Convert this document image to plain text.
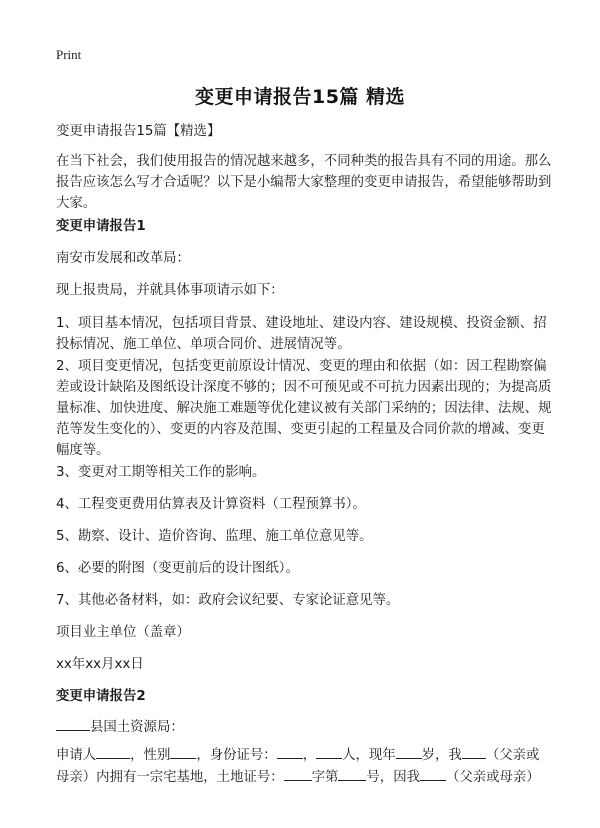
Print
变更申请报告15篇 精选
变更申请报告15篇【精选】
在当下社会，我们使用报告的情况越来越多，不同种类的报告具有不同的用途。那么报告应该怎么写才合适呢？以下是小编帮大家整理的变更申请报告，希望能够帮助到大家。
变更申请报告1
南安市发展和改革局：
现上报贵局，并就具体事项请示如下：
1、项目基本情况，包括项目背景、建设地址、建设内容、建设规模、投资金额、招投标情况、施工单位、单项合同价、进展情况等。
2、项目变更情况，包括变更前原设计情况、变更的理由和依据（如：因工程勘察偏差或设计缺陷及图纸设计深度不够的；因不可预见或不可抗力因素出现的；为提高质量标准、加快进度、解决施工难题等优化建议被有关部门采纳的；因法律、法规、规范等发生变化的）、变更的内容及范围、变更引起的工程量及合同价款的增减、变更幅度等。
3、变更对工期等相关工作的影响。
4、工程变更费用估算表及计算资料（工程预算书）。
5、勘察、设计、造价咨询、监理、施工单位意见等。
6、必要的附图（变更前后的设计图纸）。
7、其他必备材料，如：政府会议纪要、专家论证意见等。
项目业主单位（盖章）
xx年xx月xx日
变更申请报告2
县国土资源局：
申请人	，性别 ，身份证号： ， 人，现年 岁，我 （父亲或
母亲）内拥有一宗宅基地，土地证号： 字第 号，因我 （父亲或母亲）
